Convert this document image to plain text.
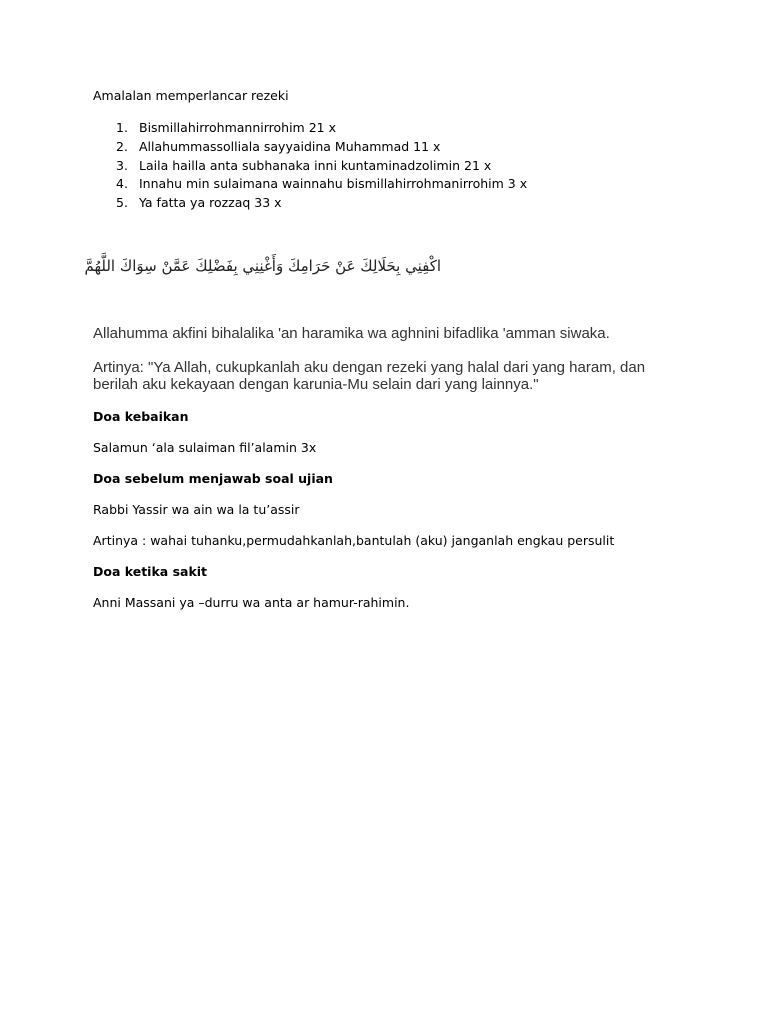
Amalalan memperlancar rezeki
1. Bismillahirrohmannirrohim 21 x
2. Allahummassolliala sayyaidina Muhammad 11 x
3. Laila hailla anta subhanaka inni kuntaminadzolimin 21 x
4. Innahu min sulaimana wainnahu bismillahirrohmanirrohim 3 x
5. Ya fatta ya rozzaq 33 x
اكْفِنِي بِحَلَالِكَ عَنْ حَرَامِكَ وَأَغْنِنِي بِفَضْلِكَ عَمَّنْ سِوَاكَ اللَّهُمَّ
Allahumma akfini bihalalika 'an haramika wa aghnini bifadlika 'amman siwaka.
Artinya: "Ya Allah, cukupkanlah aku dengan rezeki yang halal dari yang haram, dan berilah aku kekayaan dengan karunia-Mu selain dari yang lainnya."
Doa kebaikan
Salamun ‘ala sulaiman fil’alamin 3x
Doa sebelum menjawab soal ujian
Rabbi Yassir wa ain wa la tu’assir
Artinya : wahai tuhanku,permudahkanlah,bantulah (aku) janganlah engkau persulit
Doa ketika sakit
Anni Massani ya –durru wa anta ar hamur-rahimin.
